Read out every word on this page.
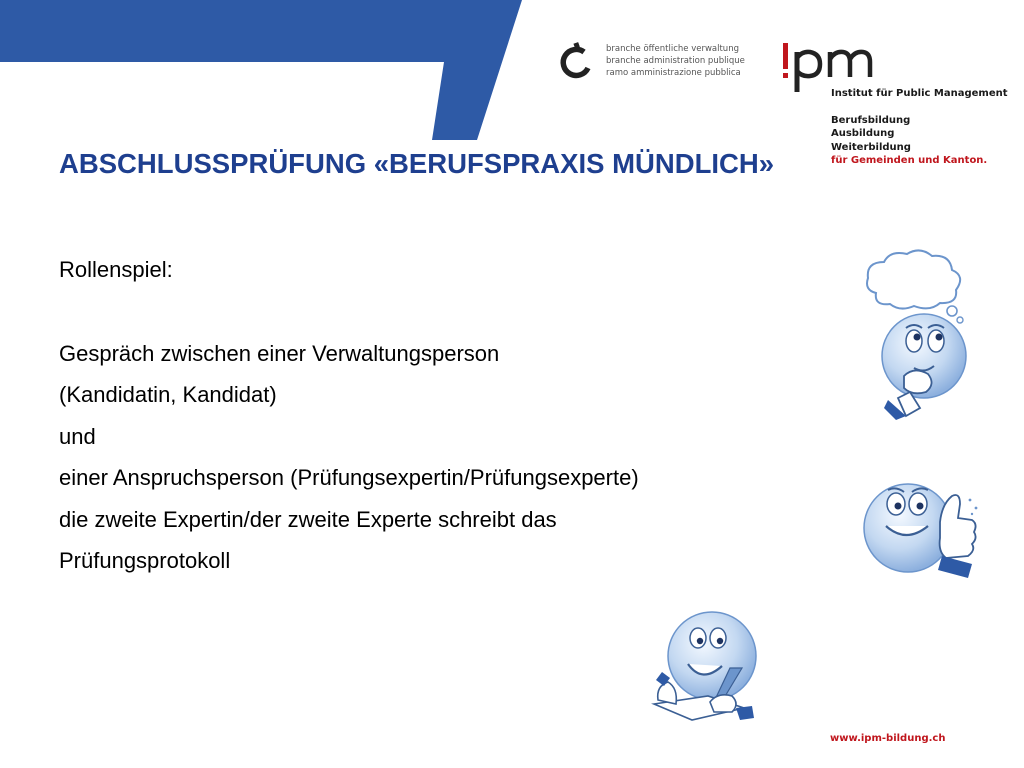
branche öffentliche verwaltung
branche administration publique
ramo amministrazione pubblica
Institut für Public Management
Berufsbildung
Ausbildung
Weiterbildung
für Gemeinden und Kanton.
ABSCHLUSSPRÜFUNG «BERUFSPRAXIS MÜNDLICH»
Rollenspiel:
Gespräch zwischen einer Verwaltungsperson
(Kandidatin, Kandidat)
und
einer Anspruchsperson (Prüfungsexpertin/Prüfungsexperte)
die zweite Expertin/der zweite Experte schreibt das
Prüfungsprotokoll
www.ipm-bildung.ch
